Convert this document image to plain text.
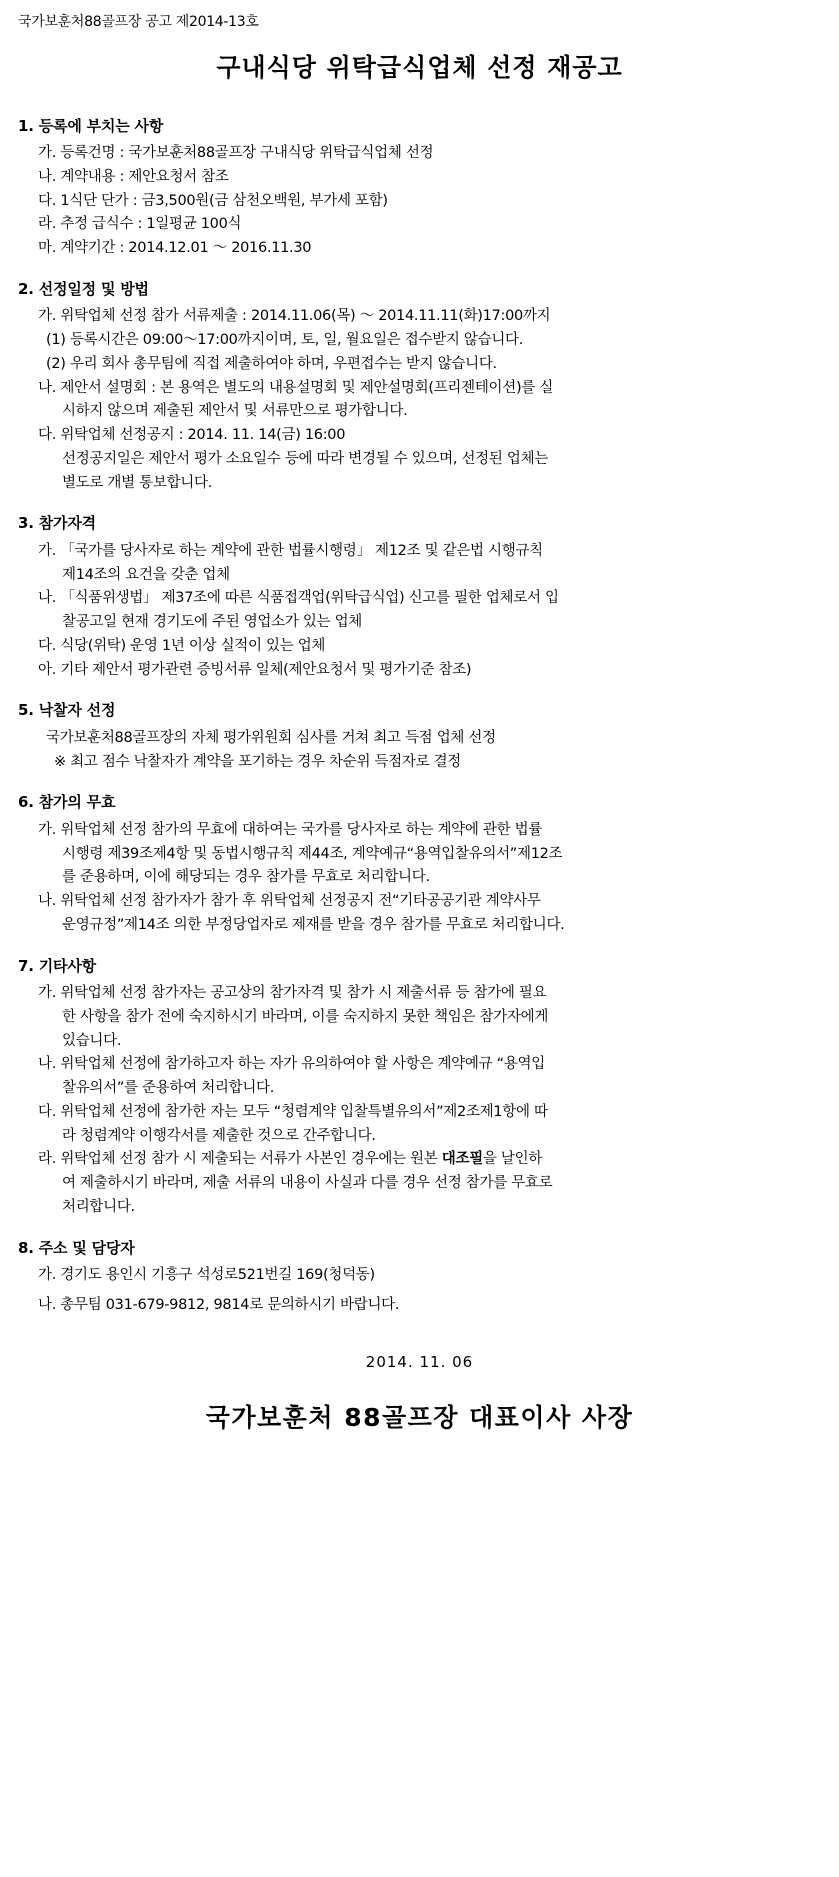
국가보훈처88골프장 공고 제2014-13호
구내식당 위탁급식업체 선정 재공고
1. 등록에 부치는 사항
가. 등록건명 : 국가보훈처88골프장 구내식당 위탁급식업체 선정
나. 계약내용 : 제안요청서 참조
다. 1식단 단가 : 금3,500원(금 삼천오백원, 부가세 포함)
라. 추정 급식수 : 1일평균 100식
마. 계약기간 : 2014.12.01 ～ 2016.11.30
2. 선정일정 및 방법
가. 위탁업체 선정 참가 서류제출 : 2014.11.06(목) ～ 2014.11.11(화)17:00까지
(1) 등록시간은 09:00～17:00까지이며, 토, 일, 월요일은 접수받지 않습니다.
(2) 우리 회사 총무팀에 직접 제출하여야 하며, 우편접수는 받지 않습니다.
나. 제안서 설명회 : 본 용역은 별도의 내용설명회 및 제안설명회(프리젠테이션)를 실
시하지 않으며 제출된 제안서 및 서류만으로 평가합니다.
다. 위탁업체 선정공지 : 2014. 11. 14(금) 16:00
선정공지일은 제안서 평가 소요일수 등에 따라 변경될 수 있으며, 선정된 업체는
별도로 개별 통보합니다.
3. 참가자격
가. 「국가를 당사자로 하는 계약에 관한 법률시행령」 제12조 및 같은법 시행규칙
제14조의 요건을 갖춘 업체
나. 「식품위생법」 제37조에 따른 식품접객업(위탁급식업) 신고를 필한 업체로서 입
찰공고일 현재 경기도에 주된 영업소가 있는 업체
다. 식당(위탁) 운영 1년 이상 실적이 있는 업체
아. 기타 제안서 평가관련 증빙서류 일체(제안요청서 및 평가기준 참조)
5. 낙찰자 선정
국가보훈처88골프장의 자체 평가위원회 심사를 거쳐 최고 득점 업체 선정
※ 최고 점수 낙찰자가 계약을 포기하는 경우 차순위 득점자로 결정
6. 참가의 무효
가. 위탁업체 선정 참가의 무효에 대하여는 국가를 당사자로 하는 계약에 관한 법률
시행령 제39조제4항 및 동법시행규칙 제44조, 계약예규“용역입찰유의서”제12조
를 준용하며, 이에 해당되는 경우 참가를 무효로 처리합니다.
나. 위탁업체 선정 참가자가 참가 후 위탁업체 선정공지 전“기타공공기관 계약사무
운영규정”제14조 의한 부정당업자로 제재를 받을 경우 참가를 무효로 처리합니다.
7. 기타사항
가. 위탁업체 선정 참가자는 공고상의 참가자격 및 참가 시 제출서류 등 참가에 필요
한 사항을 참가 전에 숙지하시기 바라며, 이를 숙지하지 못한 책임은 참가자에게
있습니다.
나. 위탁업체 선정에 참가하고자 하는 자가 유의하여야 할 사항은 계약예규 “용역입
찰유의서”를 준용하여 처리합니다.
다. 위탁업체 선정에 참가한 자는 모두 “청렴계약 입찰특별유의서”제2조제1항에 따
라 청렴계약 이행각서를 제출한 것으로 간주합니다.
라. 위탁업체 선정 참가 시 제출되는 서류가 사본인 경우에는 원본 대조필을 날인하
여 제출하시기 바라며, 제출 서류의 내용이 사실과 다를 경우 선정 참가를 무효로
처리합니다.
8. 주소 및 담당자
가. 경기도 용인시 기흥구 석성로521번길 169(청덕동)
나. 총무팀 031-679-9812, 9814로 문의하시기 바랍니다.
2014. 11. 06
국가보훈처 88골프장 대표이사 사장
